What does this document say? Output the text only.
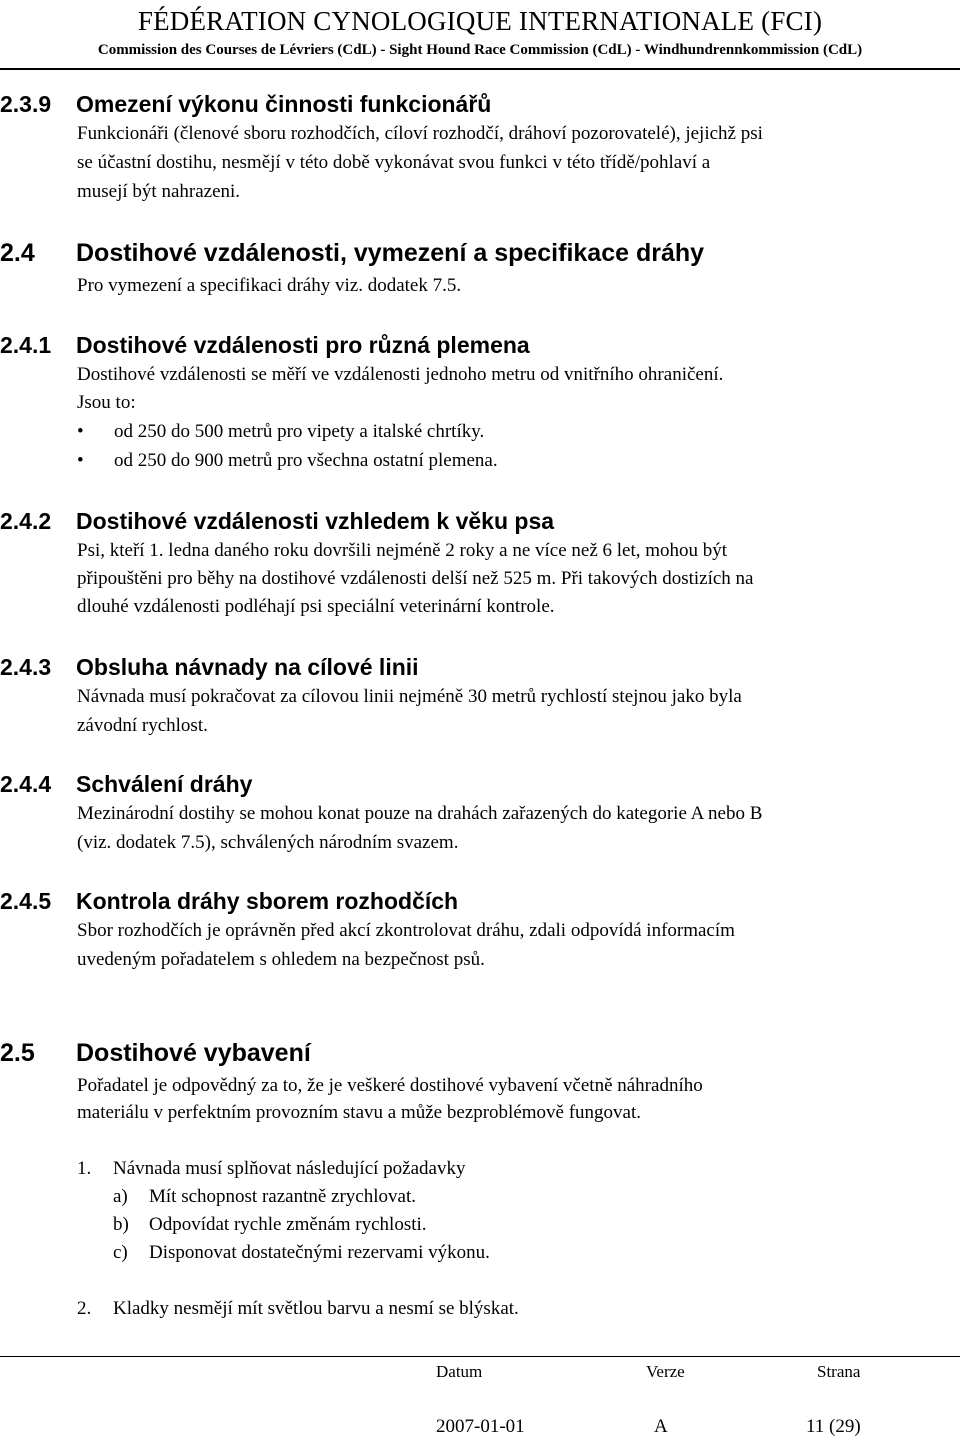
FÉDÉRATION CYNOLOGIQUE INTERNATIONALE (FCI)
Commission des Courses de Lévriers (CdL) - Sight Hound Race Commission (CdL) - Windhundrennkommission (CdL)
2.3.9 Omezení výkonu činnosti funkcionářů
Funkcionáři (členové sboru rozhodčích, cíloví rozhodčí, dráhoví pozorovatelé), jejichž psi
se účastní dostihu, nesmějí v této době vykonávat svou funkci v této třídě/pohlaví a
musejí být nahrazeni.
2.4 Dostihové vzdálenosti, vymezení a specifikace dráhy
Pro vymezení a specifikaci dráhy viz. dodatek 7.5.
2.4.1 Dostihové vzdálenosti pro různá plemena
Dostihové vzdálenosti se měří ve vzdálenosti jednoho metru od vnitřního ohraničení.
Jsou to:
• od 250 do 500 metrů pro vipety a italské chrtíky.
• od 250 do 900 metrů pro všechna ostatní plemena.
2.4.2 Dostihové vzdálenosti vzhledem k věku psa
Psi, kteří 1. ledna daného roku dovršili nejméně 2 roky a ne více než 6 let, mohou být
připouštěni pro běhy na dostihové vzdálenosti delší než 525 m. Při takových dostizích na
dlouhé vzdálenosti podléhají psi speciální veterinární kontrole.
2.4.3 Obsluha návnady na cílové linii
Návnada musí pokračovat za cílovou linii nejméně 30 metrů rychlostí stejnou jako byla
závodní rychlost.
2.4.4 Schválení dráhy
Mezinárodní dostihy se mohou konat pouze na drahách zařazených do kategorie A nebo B
(viz. dodatek 7.5), schválených národním svazem.
2.4.5 Kontrola dráhy sborem rozhodčích
Sbor rozhodčích je oprávněn před akcí zkontrolovat dráhu, zdali odpovídá informacím
uvedeným pořadatelem s ohledem na bezpečnost psů.
2.5 Dostihové vybavení
Pořadatel je odpovědný za to, že je veškeré dostihové vybavení včetně náhradního
materiálu v perfektním provozním stavu a může bezproblémově fungovat.
1. Návnada musí splňovat následující požadavky
a) Mít schopnost razantně zrychlovat.
b) Odpovídat rychle změnám rychlosti.
c) Disponovat dostatečnými rezervami výkonu.
2. Kladky nesmějí mít světlou barvu a nesmí se blýskat.
Datum	Verze	Strana
2007-01-01	A	11 (29)
